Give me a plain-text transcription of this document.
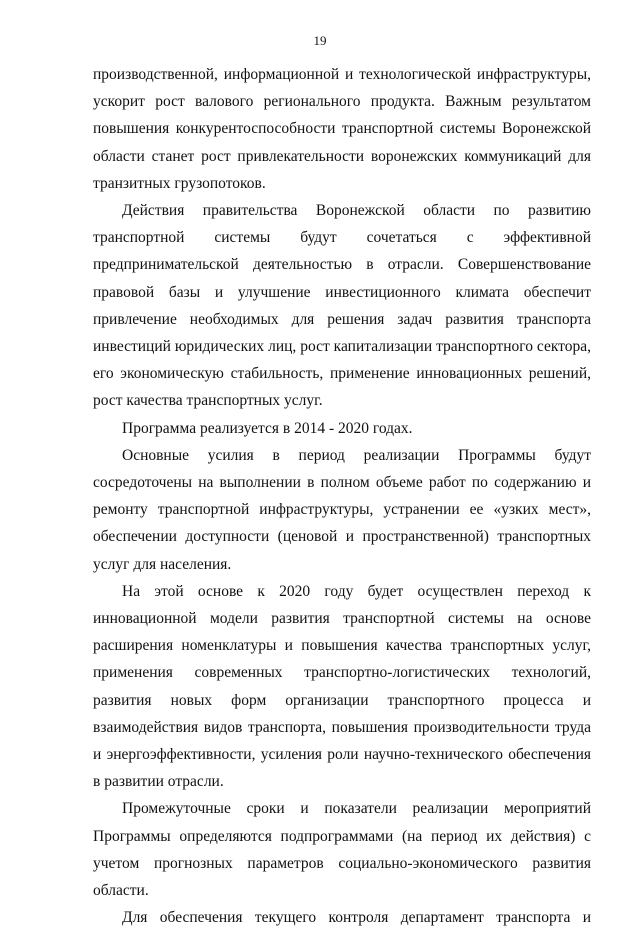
19

производственной, информационной и технологической инфраструктуры, ускорит рост валового регионального продукта. Важным результатом повышения конкурентоспособности транспортной системы Воронежской области станет рост привлекательности воронежских коммуникаций для транзитных грузопотоков.

Действия правительства Воронежской области по развитию транспортной системы будут сочетаться с эффективной предпринимательской деятельностью в отрасли. Совершенствование правовой базы и улучшение инвестиционного климата обеспечит привлечение необходимых для решения задач развития транспорта инвестиций юридических лиц, рост капитализации транспортного сектора, его экономическую стабильность, применение инновационных решений, рост качества транспортных услуг.

Программа реализуется в 2014 - 2020 годах.

Основные усилия в период реализации Программы будут сосредоточены на выполнении в полном объеме работ по содержанию и ремонту транспортной инфраструктуры, устранении ее «узких мест», обеспечении доступности (ценовой и пространственной) транспортных услуг для населения.

На этой основе к 2020 году будет осуществлен переход к инновационной модели развития транспортной системы на основе расширения номенклатуры и повышения качества транспортных услуг, применения современных транспортно-логистических технологий, развития новых форм организации транспортного процесса и взаимодействия видов транспорта, повышения производительности труда и энергоэффективности, усиления роли научно-технического обеспечения в развитии отрасли.

Промежуточные сроки и показатели реализации мероприятий Программы определяются подпрограммами (на период их действия) с учетом прогнозных параметров социально-экономического развития области.

Для обеспечения текущего контроля департамент транспорта и
